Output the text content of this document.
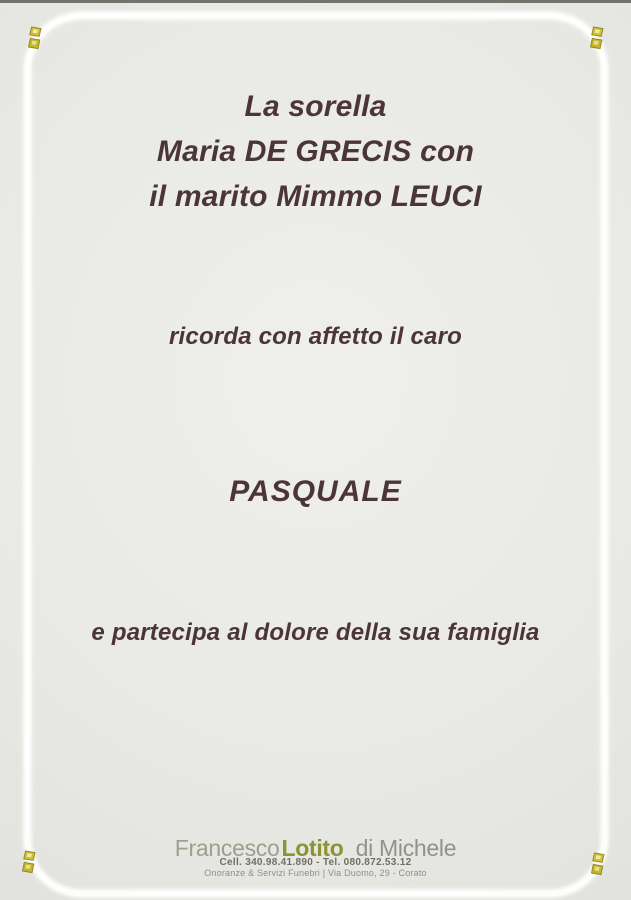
La sorella
Maria DE GRECIS con
il marito Mimmo LEUCI
ricorda con affetto il caro
PASQUALE
e partecipa al dolore della sua famiglia
FrancescoLotito di Michele
Cell. 340.98.41.890 - Tel. 080.872.53.12
Onoranze & Servizi Funebri | Via Duomo, 29 - Corato
